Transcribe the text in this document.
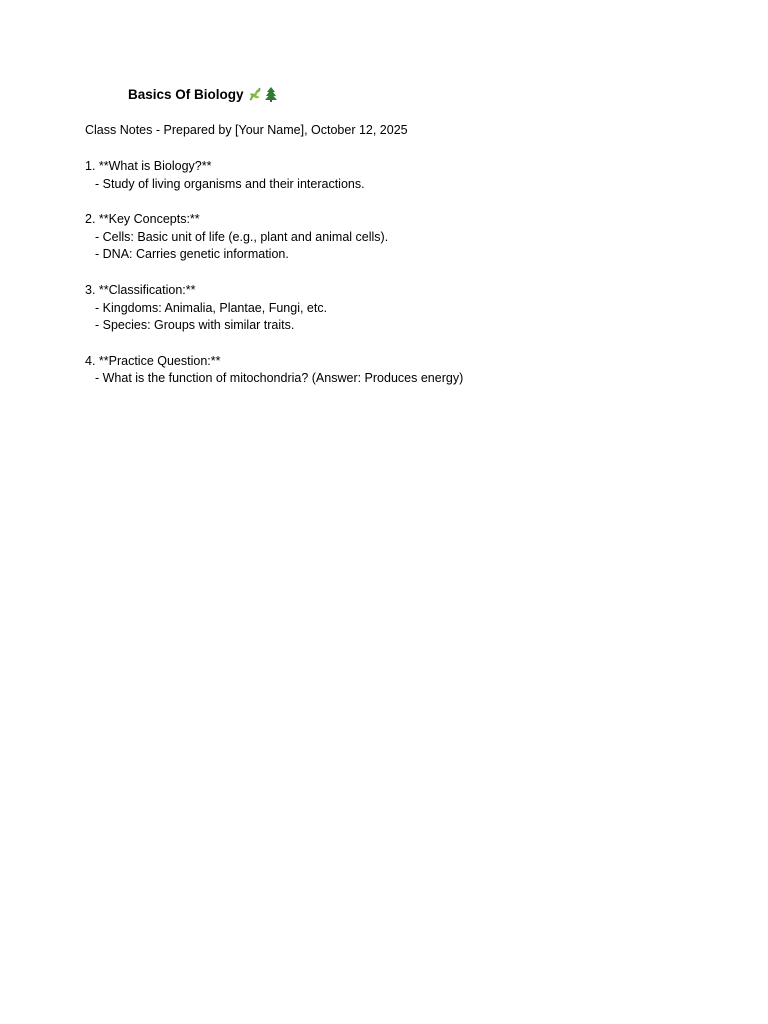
Basics Of Biology
Class Notes - Prepared by [Your Name], October 12, 2025
1. **What is Biology?**
- Study of living organisms and their interactions.
2. **Key Concepts:**
- Cells: Basic unit of life (e.g., plant and animal cells).
- DNA: Carries genetic information.
3. **Classification:**
- Kingdoms: Animalia, Plantae, Fungi, etc.
- Species: Groups with similar traits.
4. **Practice Question:**
- What is the function of mitochondria? (Answer: Produces energy)
